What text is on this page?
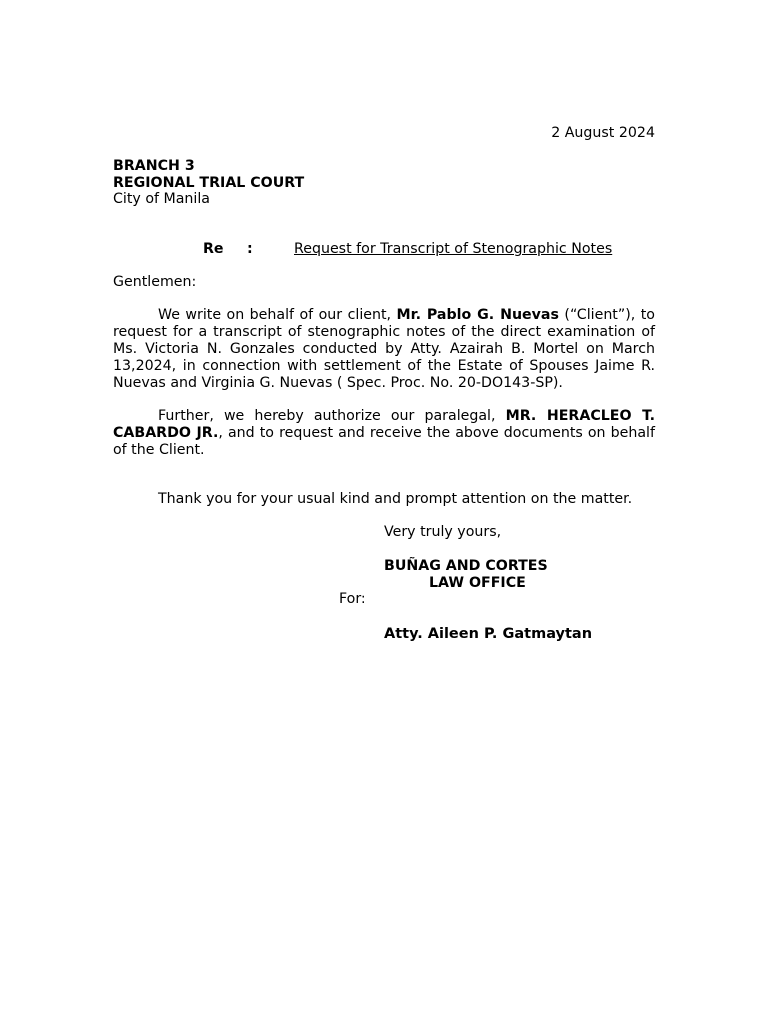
2 August 2024
BRANCH 3
REGIONAL TRIAL COURT
City of Manila
Re :	Request for Transcript of Stenographic Notes
Gentlemen:
We write on behalf of our client, Mr. Pablo G. Nuevas (“Client”), to request for a transcript of stenographic notes of the direct examination of Ms. Victoria N. Gonzales conducted by Atty. Azairah B. Mortel on March 13,2024, in connection with settlement of the Estate of Spouses Jaime R. Nuevas and Virginia G. Nuevas ( Spec. Proc. No. 20-DO143-SP).
Further, we hereby authorize our paralegal, MR. HERACLEO T. CABARDO JR., and to request and receive the above documents on behalf of the Client.
Thank you for your usual kind and prompt attention on the matter.
Very truly yours,
BUÑAG AND CORTES
LAW OFFICE
For:
Atty. Aileen P. Gatmaytan
